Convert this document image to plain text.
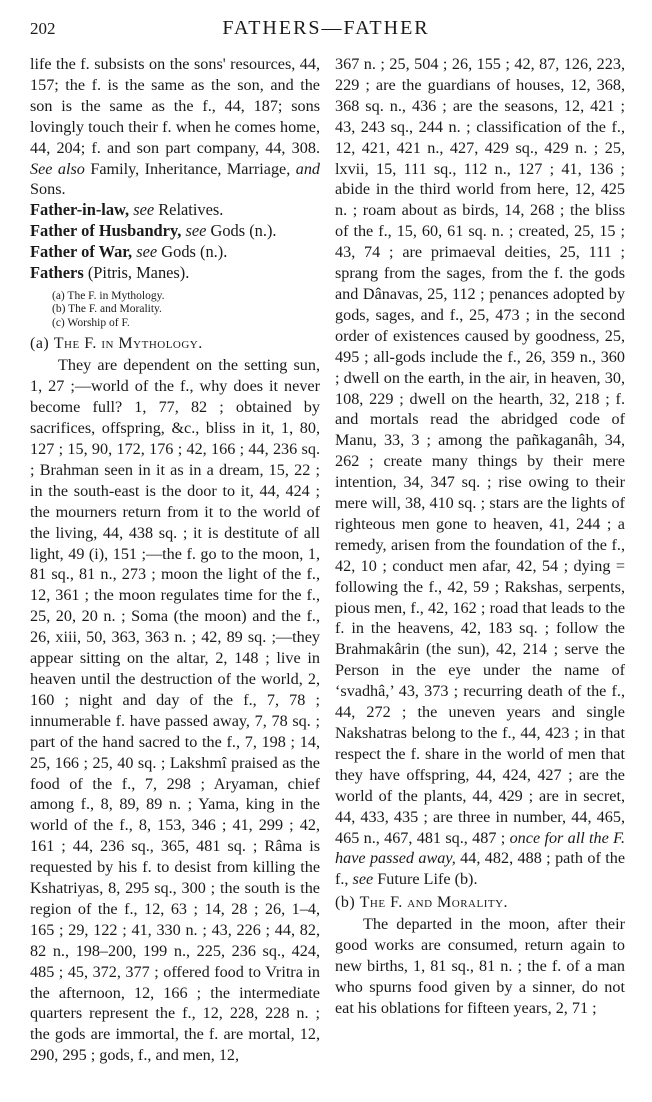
202	FATHERS—FATHER

life the f. subsists on the sons' resources, 44, 157; the f. is the same as the son, and the son is the same as the f., 44, 187; sons lovingly touch their f. when he comes home, 44, 204; f. and son part company, 44, 308. See also Family, Inheritance, Marriage, and Sons.

Father-in-law, see Relatives.

Father of Husbandry, see Gods (n.).

Father of War, see Gods (n.).

Fathers (Pitris, Manes).

(a) The F. in Mythology.
(b) The F. and Morality.
(c) Worship of F.

(a) The F. in Mythology.

They are dependent on the setting sun, 1, 27 ;—world of the f., why does it never become full? 1, 77, 82 ; obtained by sacrifices, offspring, &c., bliss in it, 1, 80, 127 ; 15, 90, 172, 176 ; 42, 166 ; 44, 236 sq. ; Brahman seen in it as in a dream, 15, 22 ; in the south-east is the door to it, 44, 424 ; the mourners return from it to the world of the living, 44, 438 sq. ; it is destitute of all light, 49 (i), 151 ;—the f. go to the moon, 1, 81 sq., 81 n., 273 ; moon the light of the f., 12, 361 ; the moon regulates time for the f., 25, 20, 20 n. ; Soma (the moon) and the f., 26, xiii, 50, 363, 363 n. ; 42, 89 sq. ;—they appear sitting on the altar, 2, 148 ; live in heaven until the destruction of the world, 2, 160 ; night and day of the f., 7, 78 ; innumerable f. have passed away, 7, 78 sq. ; part of the hand sacred to the f., 7, 198 ; 14, 25, 166 ; 25, 40 sq. ; Lakshmî praised as the food of the f., 7, 298 ; Aryaman, chief among f., 8, 89, 89 n. ; Yama, king in the world of the f., 8, 153, 346 ; 41, 299 ; 42, 161 ; 44, 236 sq., 365, 481 sq. ; Râma is requested by his f. to desist from killing the Kshatriyas, 8, 295 sq., 300 ; the south is the region of the f., 12, 63 ; 14, 28 ; 26, 1–4, 165 ; 29, 122 ; 41, 330 n. ; 43, 226 ; 44, 82, 82 n., 198–200, 199 n., 225, 236 sq., 424, 485 ; 45, 372, 377 ; offered food to Vritra in the afternoon, 12, 166 ; the intermediate quarters represent the f., 12, 228, 228 n. ; the gods are immortal, the f. are mortal, 12, 290, 295 ; gods, f., and men, 12,

367 n. ; 25, 504 ; 26, 155 ; 42, 87, 126, 223, 229 ; are the guardians of houses, 12, 368, 368 sq. n., 436 ; are the seasons, 12, 421 ; 43, 243 sq., 244 n. ; classification of the f., 12, 421, 421 n., 427, 429 sq., 429 n. ; 25, lxvii, 15, 111 sq., 112 n., 127 ; 41, 136 ; abide in the third world from here, 12, 425 n. ; roam about as birds, 14, 268 ; the bliss of the f., 15, 60, 61 sq. n. ; created, 25, 15 ; 43, 74 ; are primaeval deities, 25, 111 ; sprang from the sages, from the f. the gods and Dânavas, 25, 112 ; penances adopted by gods, sages, and f., 25, 473 ; in the second order of existences caused by goodness, 25, 495 ; all-gods include the f., 26, 359 n., 360 ; dwell on the earth, in the air, in heaven, 30, 108, 229 ; dwell on the hearth, 32, 218 ; f. and mortals read the abridged code of Manu, 33, 3 ; among the pañkaganâh, 34, 262 ; create many things by their mere intention, 34, 347 sq. ; rise owing to their mere will, 38, 410 sq. ; stars are the lights of righteous men gone to heaven, 41, 244 ; a remedy, arisen from the foundation of the f., 42, 10 ; conduct men afar, 42, 54 ; dying = following the f., 42, 59 ; Rakshas, serpents, pious men, f., 42, 162 ; road that leads to the f. in the heavens, 42, 183 sq. ; follow the Brahmakârin (the sun), 42, 214 ; serve the Person in the eye under the name of ‘svadhâ,’ 43, 373 ; recurring death of the f., 44, 272 ; the uneven years and single Nakshatras belong to the f., 44, 423 ; in that respect the f. share in the world of men that they have offspring, 44, 424, 427 ; are the world of the plants, 44, 429 ; are in secret, 44, 433, 435 ; are three in number, 44, 465, 465 n., 467, 481 sq., 487 ; once for all the F. have passed away, 44, 482, 488 ; path of the f., see Future Life (b).

(b) The F. and Morality.

The departed in the moon, after their good works are consumed, return again to new births, 1, 81 sq., 81 n. ; the f. of a man who spurns food given by a sinner, do not eat his oblations for fifteen years, 2, 71 ;
